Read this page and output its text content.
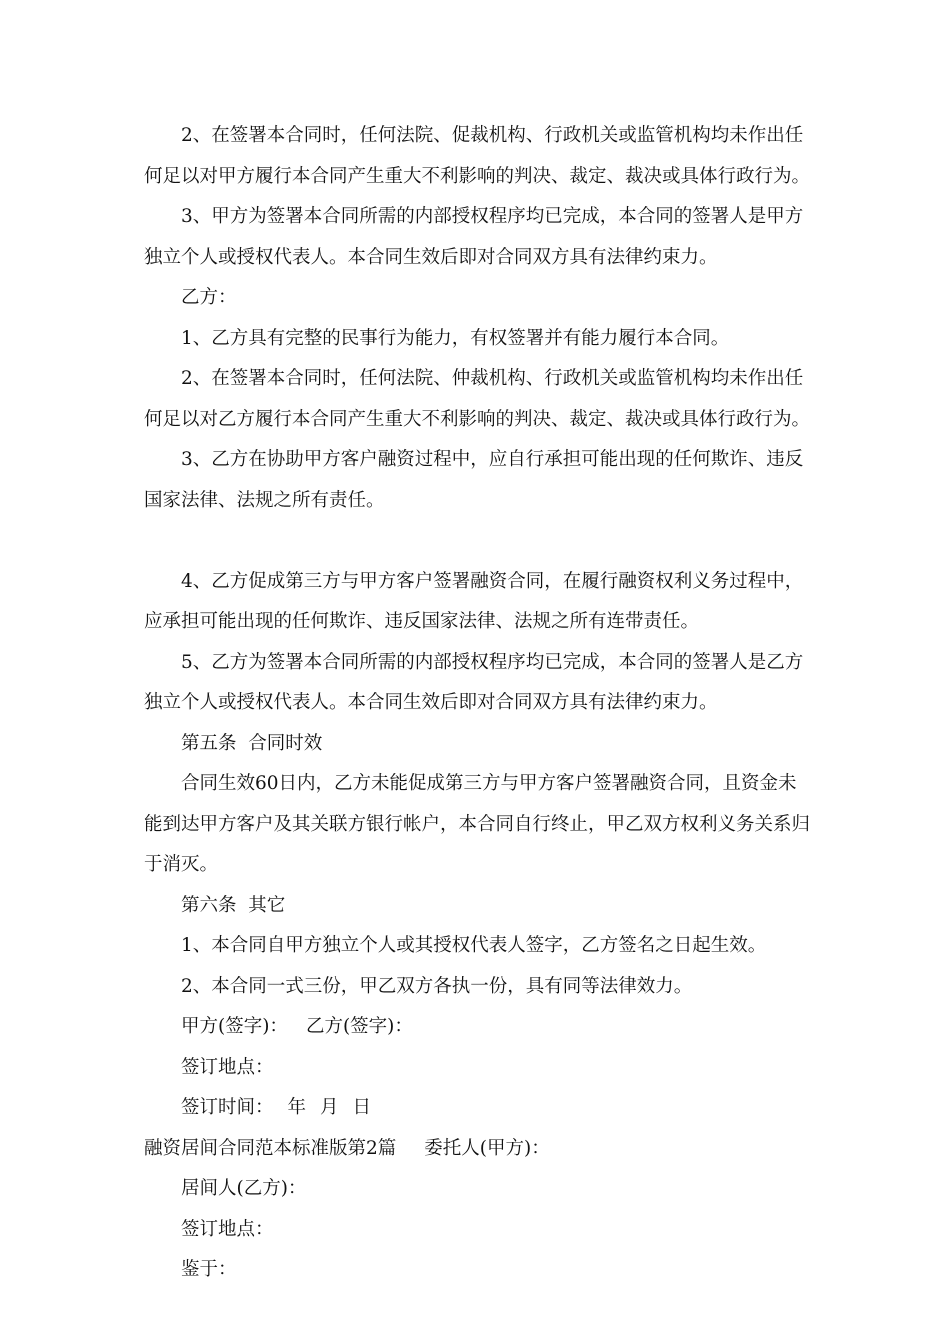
2、在签署本合同时，任何法院、促裁机构、行政机关或监管机构均未作出任何足以对甲方履行本合同产生重大不利影响的判决、裁定、裁决或具体行政行为。

3、甲方为签署本合同所需的内部授权程序均已完成，本合同的签署人是甲方独立个人或授权代表人。本合同生效后即对合同双方具有法律约束力。

乙方：

1、乙方具有完整的民事行为能力，有权签署并有能力履行本合同。

2、在签署本合同时，任何法院、仲裁机构、行政机关或监管机构均未作出任何足以对乙方履行本合同产生重大不利影响的判决、裁定、裁决或具体行政行为。

3、乙方在协助甲方客户融资过程中，应自行承担可能出现的任何欺诈、违反国家法律、法规之所有责任。

4、乙方促成第三方与甲方客户签署融资合同，在履行融资权利义务过程中，应承担可能出现的任何欺诈、违反国家法律、法规之所有连带责任。

5、乙方为签署本合同所需的内部授权程序均已完成，本合同的签署人是乙方独立个人或授权代表人。本合同生效后即对合同双方具有法律约束力。

第五条  合同时效

合同生效60日内，乙方未能促成第三方与甲方客户签署融资合同，且资金未能到达甲方客户及其关联方银行帐户，本合同自行终止，甲乙双方权利义务关系归于消灭。

第六条  其它

1、本合同自甲方独立个人或其授权代表人签字，乙方签名之日起生效。

2、本合同一式三份，甲乙双方各执一份，具有同等法律效力。

甲方(签字)： 乙方(签字)：

签订地点：

签订时间： 年 月 日

融资居间合同范本标准版第2篇 委托人(甲方)：

居间人(乙方)：

签订地点：

鉴于：
